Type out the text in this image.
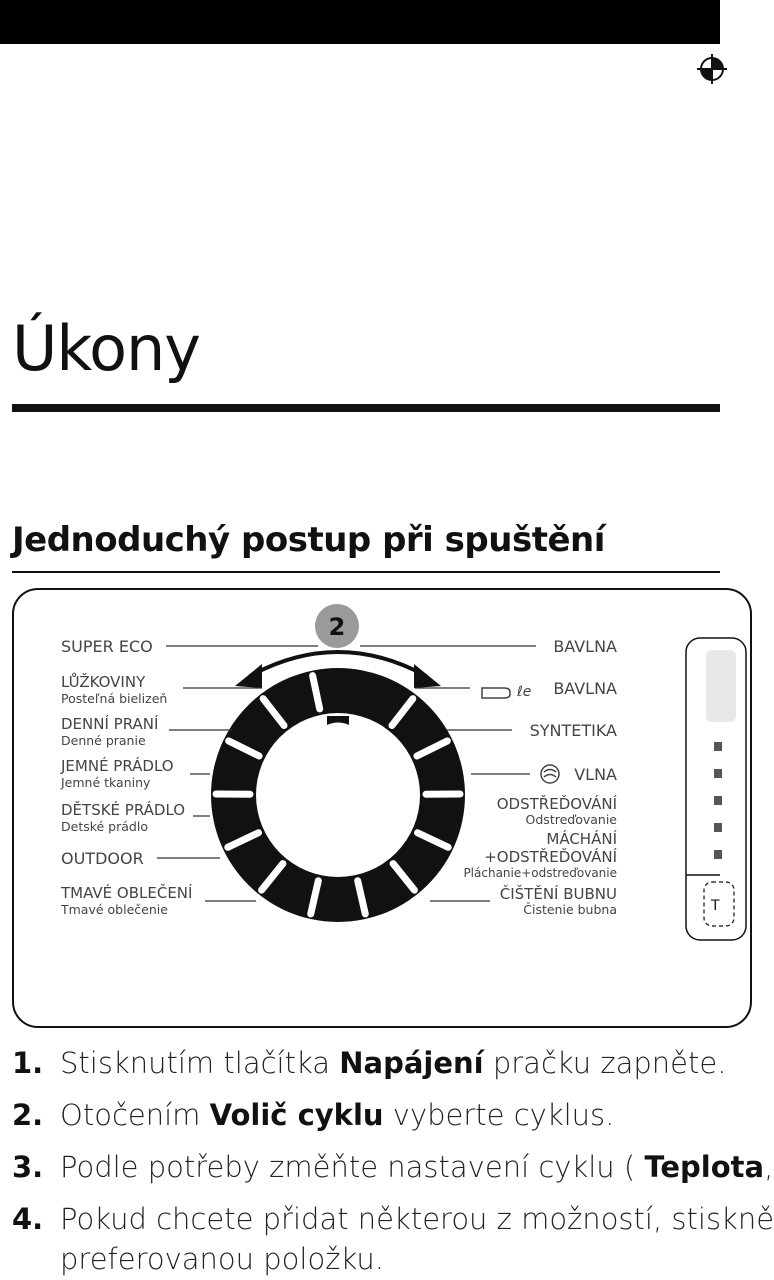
Úkony
Jednoduchý postup při spuštění
T
2
SUPER ECO
LŮŽKOVINY
Posteľná bielizeň
DENNÍ PRANÍ
Denné pranie
JEMNÉ PRÁDLO
Jemné tkaniny
DĚTSKÉ PRÁDLO
Detské prádlo
OUTDOOR
TMAVÉ OBLEČENÍ
Tmavé oblečenie
BAVLNA
BAVLNA
SYNTETIKA
VLNA
ODSTŘEĎOVÁNÍ
Odstreďovanie
MÁCHÁNÍ
+ODSTŘEĎOVÁNÍ
Pláchanie+odstreďovanie
ČIŠTĚNÍ BUBNU
Čistenie bubna
ℓe
1. Stisknutím tlačítka Napájení pračku zapněte.
2. Otočením Volič cyklu vyberte cyklus.
3. Podle potřeby změňte nastavení cyklu ( Teplota,
4. Pokud chcete přidat některou z možností, stiskně
preferovanou položku.
